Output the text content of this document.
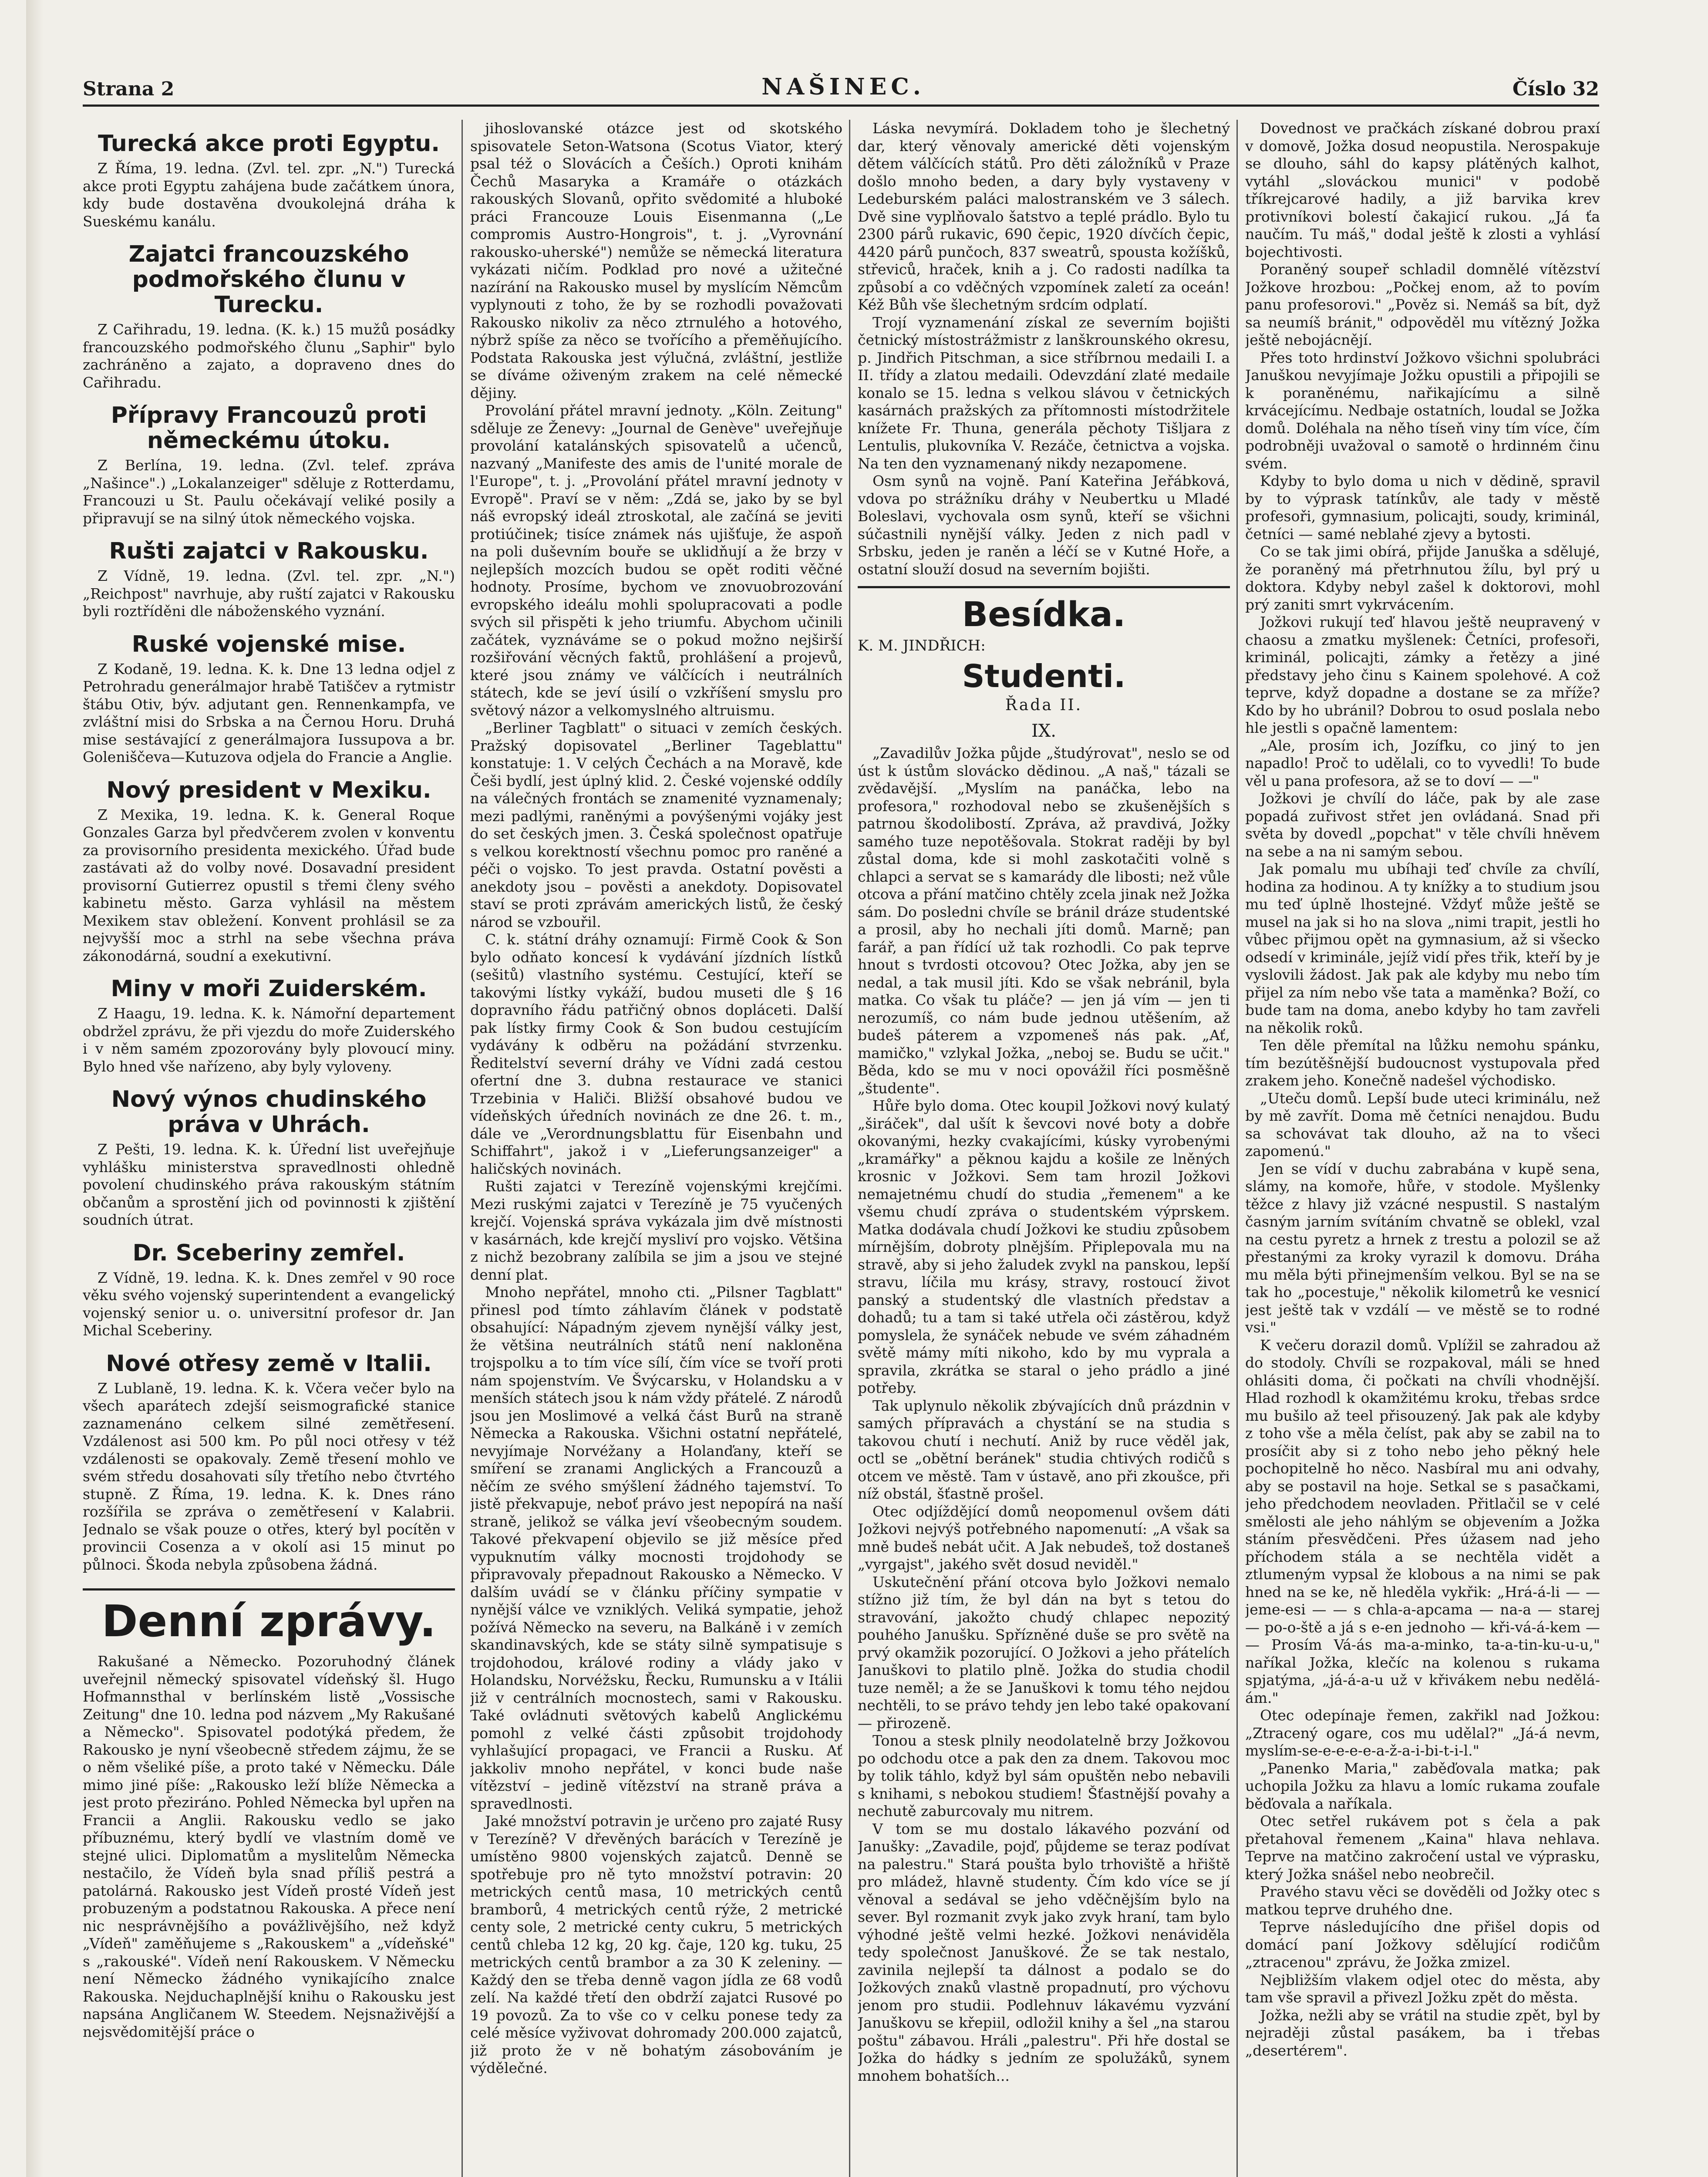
Strana 2	NAŠINEC.	Číslo 32
Turecká akce proti Egyptu.

Z Říma, 19. ledna. (Zvl. tel. zpr. „N.") Turecká akce proti Egyptu zahájena bude začátkem února, kdy bude dostavěna dvoukolejná dráha k Sueskému kanálu.

Zajatci francouzského podmořského člunu v Turecku.

Z Cařihradu, 19. ledna. (K. k.) 15 mužů posádky francouzského podmořského člunu „Saphir" bylo zachráněno a zajato, a dopraveno dnes do Cařihradu.

Přípravy Francouzů proti německému útoku.

Z Berlína, 19. ledna. (Zvl. telef. zpráva „Našince".) „Lokalanzeiger" sděluje z Rotterdamu, Francouzi u St. Paulu očekávají veliké posily a připravují se na silný útok německého vojska.

Rušti zajatci v Rakousku.

Z Vídně, 19. ledna. (Zvl. tel. zpr. „N.") „Reichpost" navrhuje, aby ruští zajatci v Rakousku byli roztříděni dle náboženského vyznání.

Ruské vojenské mise.

Z Kodaně, 19. ledna. K. k. Dne 13 ledna odjel z Petrohradu generálmajor hrabě Tatiščev a rytmistr štábu Otiv, býv. adjutant gen. Rennenkampfa, ve zvláštní misi do Srbska a na Černou Horu. Druhá mise sestávající z generálmajora Iussupova a br. Goleniščeva—Kutuzova odjela do Francie a Anglie.

Nový president v Mexiku.

Z Mexika, 19. ledna. K. k. General Roque Gonzales Garza byl předvčerem zvolen v konventu za provisorního presidenta mexického. Úřad bude zastávati až do volby nové. Dosavadní president provisorní Gutierrez opustil s třemi členy svého kabinetu město. Garza vyhlásil na městem Mexikem stav obležení. Konvent prohlásil se za nejvyšší moc a strhl na sebe všechna práva zákonodárná, soudní a exekutivní.

Miny v moři Zuiderském.

Z Haagu, 19. ledna. K. k. Námořní departement obdržel zprávu, že při vjezdu do moře Zuiderského i v něm samém zpozorovány byly plovoucí miny. Bylo hned vše nařízeno, aby byly vyloveny.

Nový výnos chudinského práva v Uhrách.

Z Pešti, 19. ledna. K. k. Úřední list uveřejňuje vyhlášku ministerstva spravedlnosti ohledně povolení chudinského práva rakouským státním občanům a sprostění jich od povinnosti k zjištění soudních útrat.

Dr. Sceberiny zemřel.

Z Vídně, 19. ledna. K. k. Dnes zemřel v 90 roce věku svého vojenský superintendent a evangelický vojenský senior u. o. universitní profesor dr. Jan Michal Sceberiny.

Nové otřesy země v Italii.

Z Lublaně, 19. ledna. K. k. Včera večer bylo na všech aparátech zdejší seismografické stanice zaznamenáno celkem silné zemětřesení. Vzdálenost asi 500 km. Po půl noci otřesy v též vzdálenosti se opakovaly. Země třesení mohlo ve svém středu dosahovati síly třetího nebo čtvrtého stupně. Z Říma, 19. ledna. K. k. Dnes ráno rozšířila se zpráva o zemětřesení v Kalabrii. Jednalo se však pouze o otřes, který byl pocítěn v provincii Cosenza a v okolí asi 15 minut po půlnoci. Škoda nebyla způsobena žádná.

Denní zprávy.

Rakušané a Německo. Pozoruhodný článek uveřejnil německý spisovatel vídeňský šl. Hugo Hofmannsthal v berlínském listě „Vossische Zeitung" dne 10. ledna pod názvem „My Rakušané a Německo". Spisovatel podotýká předem, že Rakousko je nyní všeobecně středem zájmu, že se o něm všeliké píše, a proto také v Německu. Dále mimo jiné píše: „Rakousko leží blíže Německa a jest proto přeziráno. Pohled Německa byl upřen na Francii a Anglii. Rakousku vedlo se jako příbuznému, který bydlí ve vlastním domě ve stejné ulici. Diplomatům a myslitelům Německa nestačilo, že Vídeň byla snad příliš pestrá a patolárná. Rakousko jest Vídeň prosté Vídeň jest probuzeným a podstatnou Rakouska. A přece není nic nesprávnějšího a povážlivějšího, než když „Vídeň" zaměňujeme s „Rakouskem" a „vídeňské" s „rakouské". Vídeň není Rakouskem. V Německu není Německo žádného vynikajícího znalce Rakouska. Nejduchaplnější knihu o Rakousku jest napsána Angličanem W. Steedem. Nejsnaživější a nejsvědomitější práce o

jihoslovanské otázce jest od skotského spisovatele Seton-Watsona (Scotus Viator, který psal též o Slovácích a Češích.) Oproti knihám Čechů Masaryka a Kramáře o otázkách rakouských Slovanů, opřito svědomité a hluboké práci Francouze Louis Eisenmanna („Le compromis Austro-Hongrois", t. j. „Vyrovnání rakousko-uherské") nemůže se německá literatura vykázati ničím. Podklad pro nové a užitečné nazírání na Rakousko musel by myslícím Němcům vyplynouti z toho, že by se rozhodli považovati Rakousko nikoliv za něco ztrnulého a hotového, nýbrž spíše za něco se tvořícího a přeměňujícího. Podstata Rakouska jest výlučná, zvláštní, jestliže se díváme oživeným zrakem na celé německé dějiny.

Provolání přátel mravní jednoty. „Köln. Zeitung" sděluje ze Ženevy: „Journal de Genève" uveřejňuje provolání katalánských spisovatelů a učenců, nazvaný „Manifeste des amis de l'unité morale de l'Europe", t. j. „Provolání přátel mravní jednoty v Evropě". Praví se v něm: „Zdá se, jako by se byl náš evropský ideál ztroskotal, ale začíná se jeviti protiúčinek; tisíce známek nás ujišťuje, že aspoň na poli duševním bouře se uklidňují a že brzy v nejlepších mozcích budou se opět roditi věčné hodnoty. Prosíme, bychom ve znovuobrozování evropského ideálu mohli spolupracovati a podle svých sil přispěti k jeho triumfu. Abychom učinili začátek, vyznáváme se o pokud možno nejširší rozšiřování věcných faktů, prohlášení a projevů, které jsou známy ve válčících i neutrálních státech, kde se jeví úsilí o vzkříšení smyslu pro světový názor a velkomyslného altruismu.

„Berliner Tagblatt" o situaci v zemích českých. Pražský dopisovatel „Berliner Tageblattu" konstatuje: 1. V celých Čechách a na Moravě, kde Češi bydlí, jest úplný klid. 2. České vojenské oddíly na válečných frontách se znamenité vyznamenaly; mezi padlými, raněnými a povýšenými vojáky jest do set českých jmen. 3. Česká společnost opatřuje s velkou korektností všechnu pomoc pro raněné a péči o vojsko. To jest pravda. Ostatní pověsti a anekdoty jsou – pověsti a anekdoty. Dopisovatel staví se proti zprávám amerických listů, že český národ se vzbouřil.

C. k. státní dráhy oznamují: Firmě Cook & Son bylo odňato koncesí k vydávání jízdních lístků (sešitů) vlastního systému. Cestující, kteří se takovými lístky vykáží, budou museti dle § 16 dopravního řádu patřičný obnos dopláceti. Další pak lístky firmy Cook & Son budou cestujícím vydávány k odběru na požádání stvrzenku. Ředitelství severní dráhy ve Vídni zadá cestou ofertní dne 3. dubna restaurace ve stanici Trzebinia v Haliči. Bližší obsahové budou ve vídeňských úředních novinách ze dne 26. t. m., dále ve „Verordnungsblattu für Eisenbahn und Schiffahrt", jakož i v „Lieferungsanzeiger" a haličských novinách.

Rušti zajatci v Terezíně vojenskými krejčími. Mezi ruskými zajatci v Terezíně je 75 vyučených krejčí. Vojenská správa vykázala jim dvě místnosti v kasárnách, kde krejčí mysliví pro vojsko. Většina z nichž bezobrany zalíbila se jim a jsou ve stejné denní plat.

Mnoho nepřátel, mnoho cti. „Pilsner Tagblatt" přinesl pod tímto záhlavím článek v podstatě obsahující: Nápadným zjevem nynější války jest, že většina neutrálních států není nakloněna trojspolku a to tím více sílí, čím více se tvoří proti nám spojenstvím. Ve Švýcarsku, v Holandsku a v menších státech jsou k nám vždy přátelé. Z národů jsou jen Moslimové a velká část Burů na straně Německa a Rakouska. Všichni ostatní nepřátelé, nevyjímaje Norvéžany a Holanďany, kteří se smíření se zranami Anglických a Francouzů a něčím ze svého smýšlení žádného tajemství. To jistě překvapuje, neboť právo jest nepopírá na naší straně, jelikož se válka jeví všeobecným soudem. Takové překvapení objevilo se již měsíce před vypuknutím války mocnosti trojdohody se připravovaly přepadnout Rakousko a Německo. V dalším uvádí se v článku příčiny sympatie v nynější válce ve vzniklých. Veliká sympatie, jehož požívá Německo na severu, na Balkáně i v zemích skandinavských, kde se státy silně sympatisuje s trojdohodou, králové rodiny a vlády jako v Holandsku, Norvéžsku, Řecku, Rumunsku a v Itálii již v centrálních mocnostech, sami v Rakousku. Také ovládnuti světových kabelů Anglickému pomohl z velké části způsobit trojdohody vyhlašující propagaci, ve Francii a Rusku. Ať jakkoliv mnoho nepřátel, v konci bude naše vítězství – jedině vítězství na straně práva a spravedlnosti.

Jaké množství potravin je určeno pro zajaté Rusy v Terezíně? V dřevěných barácích v Terezíně je umístěno 9800 vojenských zajatců. Denně se spotřebuje pro ně tyto množství potravin: 20 metrických centů masa, 10 metrických centů bramborů, 4 metrických centů rýže, 2 metrické centy sole, 2 metrické centy cukru, 5 metrických centů chleba 12 kg, 20 kg. čaje, 120 kg. tuku, 25 metrických centů brambor a za 30 K zeleniny. — Každý den se třeba denně vagon jídla ze 68 vodů zelí. Na každé třetí den obdrží zajatci Rusové po 19 povozů. Za to vše co v celku ponese tedy za celé měsíce vyživovat dohromady 200.000 zajatců, již proto že v ně bohatým zásobováním je výdělečné.

Láska nevymírá. Dokladem toho je šlechetný dar, který věnovaly americké děti vojenským dětem válčících států. Pro děti záložníků v Praze došlo mnoho beden, a dary byly vystaveny v Ledeburském paláci malostranském ve 3 sálech. Dvě sine vyplňovalo šatstvo a teplé prádlo. Bylo tu 2300 párů rukavic, 690 čepic, 1920 dívčích čepic, 4420 párů punčoch, 837 sweatrů, spousta kožíšků, střeviců, hraček, knih a j. Co radosti nadílka ta způsobí a co vděčných vzpomínek zaletí za oceán! Kéž Bůh vše šlechetným srdcím odplatí.

Trojí vyznamenání získal ze severním bojišti četnický místostrážmistr z lanškrounského okresu, p. Jindřich Pitschman, a sice stříbrnou medaili I. a II. třídy a zlatou medaili. Odevzdání zlaté medaile konalo se 15. ledna s velkou slávou v četnických kasárnách pražských za přítomnosti místodržitele knížete Fr. Thuna, generála pěchoty Tišljara z Lentulis, plukovníka V. Rezáče, četnictva a vojska. Na ten den vyznamenaný nikdy nezapomene.

Osm synů na vojně. Paní Kateřina Jeřábková, vdova po strážníku dráhy v Neubertku u Mladé Boleslavi, vychovala osm synů, kteří se všichni súčastnili nynější války. Jeden z nich padl v Srbsku, jeden je raněn a léčí se v Kutné Hoře, a ostatní slouží dosud na severním bojišti.

Besídka.
K. M. JINDŘICH:
Studenti.
Řada II.
IX.

„Zavadilův Jožka půjde „študýrovat", neslo se od úst k ústům slovácko dědinou. „A naš," tázali se zvědavější. „Myslím na panáčka, lebo na profesora," rozhodoval nebo se zkušenějších s patrnou škodolibostí. Zpráva, až pravdivá, Jožky samého tuze nepotěšovala. Stokrat raději by byl zůstal doma, kde si mohl zaskotačiti volně s chlapci a servat se s kamarády dle libosti; než vůle otcova a přání matčino chtěly zcela jinak než Jožka sám. Do posledni chvíle se bránil dráze studentské a prosil, aby ho nechali jíti domů. Marně; pan farář, a pan řídící už tak rozhodli. Co pak teprve hnout s tvrdosti otcovou? Otec Jožka, aby jen se nedal, a tak musil jíti. Kdo se však nebránil, byla matka. Co však tu pláče? — jen já vím — jen ti nerozumíš, co nám bude jednou utěšením, až budeš páterem a vzpomeneš nás pak. „Ať, mamičko," vzlykal Jožka, „neboj se. Budu se učit." Běda, kdo se mu v noci opovážil říci posměšně „študente".

Hůře bylo doma. Otec koupil Jožkovi nový kulatý „širáček", dal ušít k ševcovi nové boty a dobře okovanými, hezky cvakajícími, kúsky vyrobenými „kramářky" a pěknou kajdu a košile ze lněných krosnic v Jožkovi. Sem tam hrozil Jožkovi nemajetnému chudí do studia „řemenem" a ke všemu chudí zpráva o studentském výprskem. Matka dodávala chudí Jožkovi ke studiu způsobem mírnějším, dobroty plnějším. Připlepovala mu na stravě, aby si jeho žaludek zvykl na panskou, lepší stravu, líčila mu krásy, stravy, rostoucí život panský a studentský dle vlastních představ a dohadů; tu a tam si také utřela oči zástěrou, když pomyslela, že synáček nebude ve svém záhadném světě mámy míti nikoho, kdo by mu vyprala a spravila, zkrátka se staral o jeho prádlo a jiné potřeby.

Tak uplynulo několik zbývajících dnů prázdnin v samých přípravách a chystání se na studia s takovou chutí i nechutí. Aniž by ruce věděl jak, octl se „obětní beránek" studia chtivých rodičů s otcem ve městě. Tam v ústavě, ano při zkoušce, při níž obstál, šťastně prošel.

Otec odjíždějící domů neopomenul ovšem dáti Jožkovi nejvýš potřebného napomenutí: „A však sa mně budeš nebát učit. A Jak nebudeš, tož dostaneš „vyrgajst", jakého svět dosud neviděl."

Uskutečnění přání otcova bylo Jožkovi nemalo stížno již tím, že byl dán na byt s tetou do stravování, jakožto chudý chlapec nepozitý pouhého Janušku. Spřízněné duše se pro světě na prvý okamžik pozorující. O Jožkovi a jeho přátelích Januškovi to platilo plně. Jožka do studia chodil tuze neměl; a že se Januškovi k tomu tého nejdou nechtěli, to se právo tehdy jen lebo také opakovaní — přirozeně.

Tonou a stesk plnily neodolatelně brzy Jožkovou po odchodu otce a pak den za dnem. Takovou moc by tolik táhlo, když byl sám opuštěn nebo nebavili s knihami, s nebokou studiem! Šťastnější povahy a nechutě zaburcovaly mu nitrem.

V tom se mu dostalo lákavého pozvání od Janušky: „Zavadile, pojď, půjdeme se teraz podívat na palestru." Stará poušta bylo trhoviště a hřiště pro mládež, hlavně studenty. Čím kdo více se jí věnoval a sedával se jeho vděčnějším bylo na sever. Byl rozmanit zvyk jako zvyk hraní, tam bylo výhodné ještě velmi hezké. Jožkovi nenáviděla tedy společnost Januškové. Že se tak nestalo, zavinila nejlepší ta dálnost a podalo se do Jožkových znaků vlastně propadnutí, pro výchovu jenom pro studii. Podlehnuv lákavému vyzvání Januškovu se křepiil, odložil knihy a šel „na starou poštu" zábavou. Hráli „palestru". Při hře dostal se Jožka do hádky s jedním ze spolužáků, synem mnohem bohatších...

Dovednost ve pračkách získané dobrou praxí v domově, Jožka dosud neopustila. Nerospakuje se dlouho, sáhl do kapsy plátěných kalhot, vytáhl „slováckou munici" v podobě tříkrejcarové hadily, a již barvika krev protivníkovi bolestí čakajicí rukou. „Já ťa naučím. Tu máš," dodal ještě k zlosti a vyhlásí bojechtivosti.

Poraněný soupeř schladil domnělé vítězství Jožkove hrozbou: „Počkej enom, až to povím panu profesorovi." „Pověz si. Nemáš sa bít, dyž sa neumíš bránit," odpověděl mu vítězný Jožka ještě nebojácnějí.

Přes toto hrdinství Jožkovo všichni spolubráci Januškou nevyjímaje Jožku opustili a připojili se k poraněnému, nařikajícímu a silně krvácejícímu. Nedbaje ostatních, loudal se Jožka domů. Doléhala na něho tíseň viny tím více, čím podrobněji uvažoval o samotě o hrdinném činu svém.

Kdyby to bylo doma u nich v dědině, spravil by to výprask tatínkův, ale tady v městě profesoři, gymnasium, policajti, soudy, kriminál, četníci — samé neblahé zjevy a bytosti.

Co se tak jimi obírá, přijde Januška a sdělujé, že poraněný má přetrhnutou žílu, byl prý u doktora. Kdyby nebyl zašel k doktorovi, mohl prý zaniti smrt vykrvácením.

Jožkovi rukují teď hlavou ještě neupravený v chaosu a zmatku myšlenek: Četníci, profesoři, kriminál, policajti, zámky a řetězy a jiné představy jeho činu s Kainem spolehové. A což teprve, když dopadne a dostane se za mříže? Kdo by ho ubránil? Dobrou to osud poslala nebo hle jestli s opačně lamentem:

„Ale, prosím ich, Jozífku, co jiný to jen napadlo! Proč to udělali, co to vyvedli! To bude věl u pana profesora, až se to doví — —"

Jožkovi je chvílí do láče, pak by ale zase popadá zuřivost střet jen ovládaná. Snad při světa by dovedl „popchat" v těle chvíli hněvem na sebe a na ni samým sebou.

Jak pomalu mu ubíhaji teď chvíle za chvílí, hodina za hodinou. A ty knížky a to studium jsou mu teď úplně lhostejné. Vždyť může ještě se musel na jak si ho na slova „nimi trapit, jestli ho vůbec přijmou opět na gymnasium, až si všecko odsedí v kriminále, jejíž vidí přes třik, kteří by je vyslovili žádost. Jak pak ale kdyby mu nebo tím přijel za ním nebo vše tata a maměnka? Boží, co bude tam na doma, anebo kdyby ho tam zavřeli na několik roků.

Ten děle přemítal na lůžku nemohu spánku, tím bezútěšnější budoucnost vystupovala před zrakem jeho. Konečně nadešel východisko.

„Uteču domů. Lepší bude uteci kriminálu, než by mě zavřít. Doma mě četníci nenajdou. Budu sa schovávat tak dlouho, až na to všeci zapomenú."

Jen se vídí v duchu zabrabána v kupě sena, slámy, na komoře, hůře, v stodole. Myšlenky těžce z hlavy již vzácné nespustil. S nastalým časným jarním svítáním chvatně se oblekl, vzal na cestu pyretz a hrnek z trestu a polozil se až přestanými za kroky vyrazil k domovu. Dráha mu měla býti přinejmenším velkou. Byl se na se tak ho „pocestuje," několik kilometrů ke vesnicí jest ještě tak v vzdálí — ve městě se to rodné vsi."

K večeru dorazil domů. Vplížil se zahradou až do stodoly. Chvíli se rozpakoval, máli se hned ohlásiti doma, či počkati na chvíli vhodnější. Hlad rozhodl k okamžitému kroku, třebas srdce mu bušilo až teel přisouzený. Jak pak ale kdyby z toho vše a měla čelíst, pak aby se zabil na to prosíčit aby si z toho nebo jeho pěkný hele pochopitelně ho něco. Nasbíral mu ani odvahy, aby se postavil na hoje. Setkal se s pasačkami, jeho předchodem neovladen. Přitlačil se v celé smělosti ale jeho náhlým se objevením a Jožka stáním přesvědčeni. Přes úžasem nad jeho příchodem stála a se nechtěla vidět a ztlumeným vypsal že klobous a na nimi se pak hned na se ke, ně hleděla vykřik: „Hrá-á-li — — jeme-esi — — s chla-a-apcama — na-a — starej — po-o-ště a já s e-en jednoho — kři-vá-á-kem — — Prosím Vá-ás ma-a-minko, ta-a-tin-ku-u-u," naříkal Jožka, klečíc na kolenou s rukama spjatýma, „já-á-a-u už v křivákem nebu nedělá-ám."

Otec odepínaje řemen, zakřikl nad Jožkou: „Ztracený ogare, cos mu udělal?" „Já-á nevm, myslím-se-e-e-e-e-a-ž-a-i-bi-t-i-l."

„Panenko Maria," zaběďovala matka; pak uchopila Jožku za hlavu a lomíc rukama zoufale běďovala a naříkala.

Otec setřel rukávem pot s čela a pak přetahoval řemenem „Kaina" hlava nehlava. Teprve na matčino zakročení ustal ve výprasku, který Jožka snášel nebo neobrečil.

Pravého stavu věci se dověděli od Jožky otec s matkou teprve druhého dne.

Teprve následujícího dne přišel dopis od domácí paní Jožkovy sdělující rodičům „ztracenou" zprávu, že Jožka zmizel.

Nejbližším vlakem odjel otec do města, aby tam vše spravil a přivezl Jožku zpět do města.

Jožka, nežli aby se vrátil na studie zpět, byl by nejraději zůstal pasákem, ba i třebas „desertérem".
